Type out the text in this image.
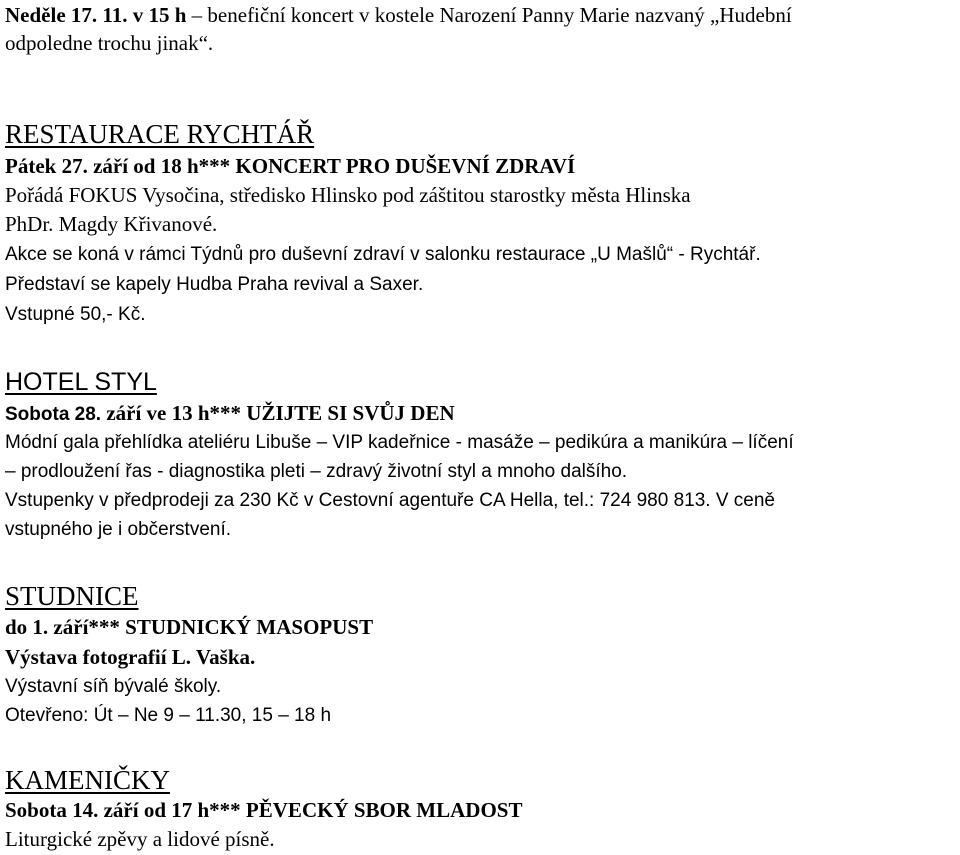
Neděle 17. 11. v 15 h – benefiční koncert v kostele Narození Panny Marie nazvaný „Hudební
odpoledne trochu jinak“.
RESTAURACE RYCHTÁŘ
Pátek 27. září od 18 h*** KONCERT PRO DUŠEVNÍ ZDRAVÍ
Pořádá FOKUS Vysočina, středisko Hlinsko pod záštitou starostky města Hlinska
PhDr. Magdy Křivanové.
Akce se koná v rámci Týdnů pro duševní zdraví v salonku restaurace „U Mašlů“ - Rychtář.
Představí se kapely Hudba Praha revival a Saxer.
Vstupné 50,- Kč.
HOTEL STYL
Sobota 28. září ve 13 h*** UŽIJTE SI SVŮJ DEN
Módní gala přehlídka ateliéru Libuše – VIP kadeřnice - masáže – pedikúra a manikúra – líčení
– prodloužení řas - diagnostika pleti – zdravý životní styl a mnoho dalšího.
Vstupenky v předprodeji za 230 Kč v Cestovní agentuře CA Hella, tel.: 724 980 813. V ceně
vstupného je i občerstvení.
STUDNICE
do 1. září*** STUDNICKÝ MASOPUST
Výstava fotografií L. Vaška.
Výstavní síň bývalé školy.
Otevřeno: Út – Ne 9 – 11.30, 15 – 18 h
KAMENIČKY
Sobota 14. září od 17 h*** PĚVECKÝ SBOR MLADOST
Liturgické zpěvy a lidové písně.
